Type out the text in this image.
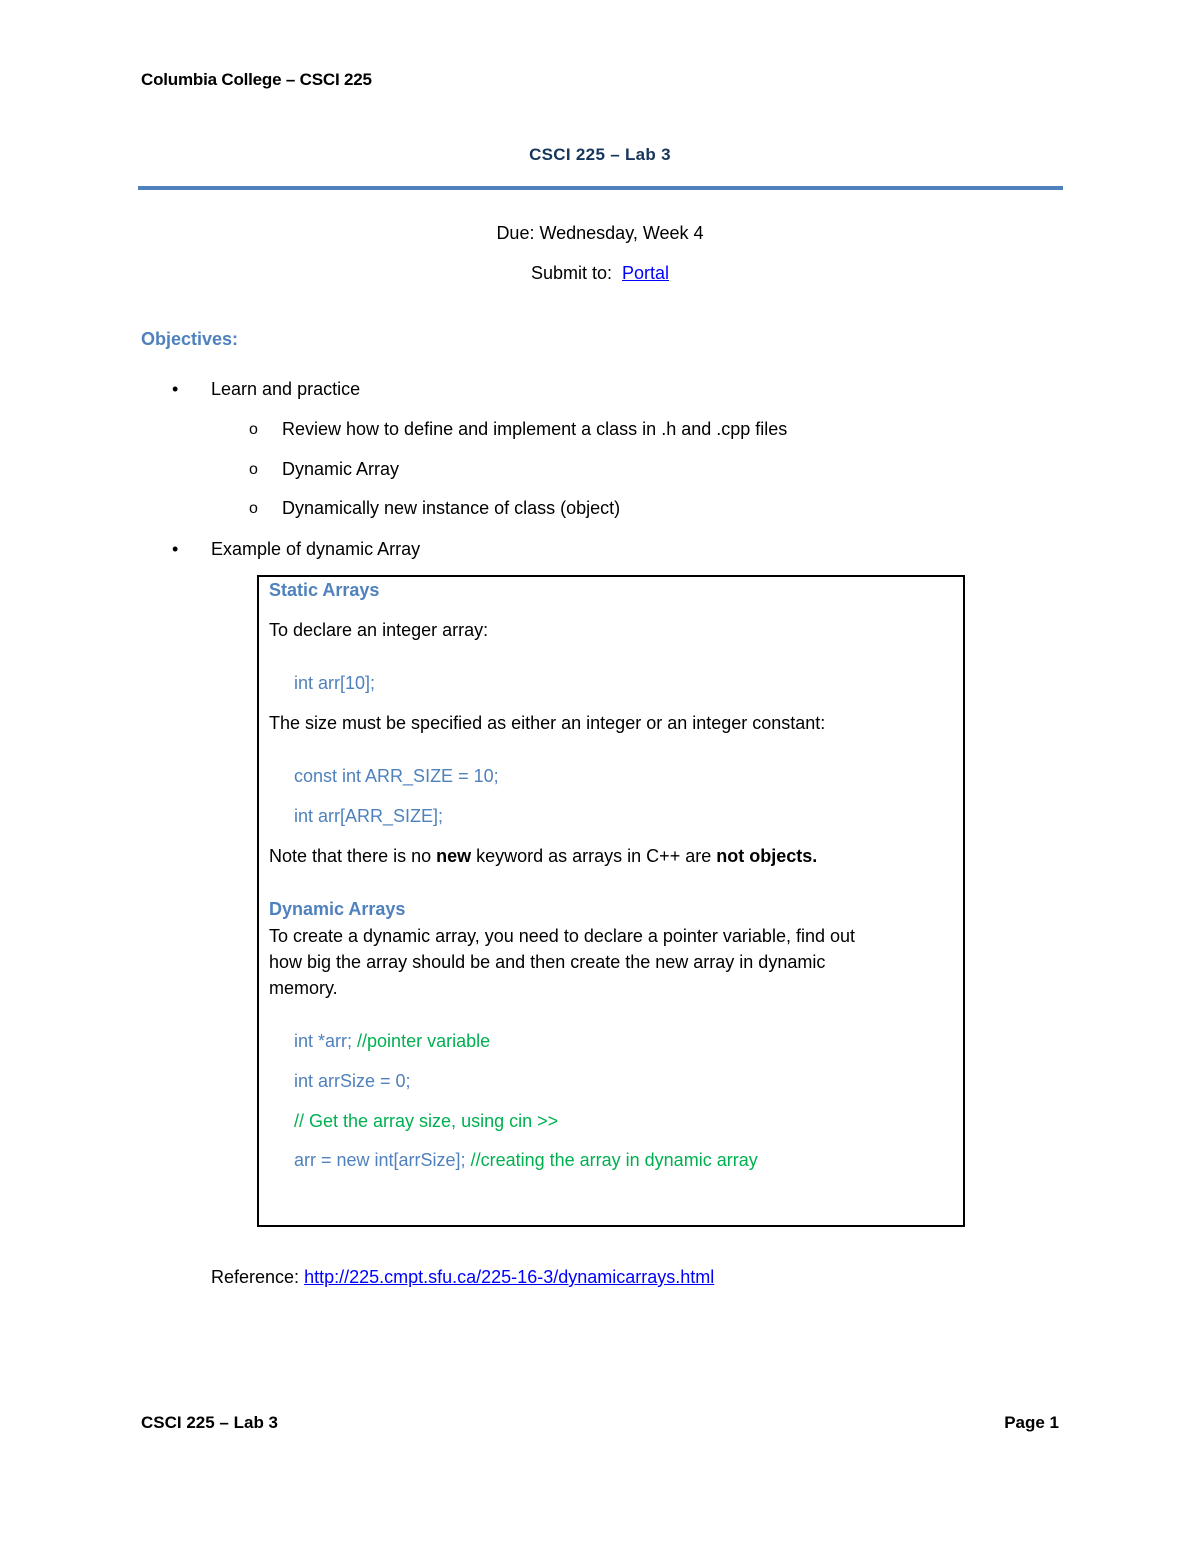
Columbia College – CSCI 225
CSCI 225 – Lab 3
Due: Wednesday, Week 4
Submit to: Portal
Objectives:
• Learn and practice
o Review how to define and implement a class in .h and .cpp files
o Dynamic Array
o Dynamically new instance of class (object)
• Example of dynamic Array
Static Arrays
To declare an integer array:
int arr[10];
The size must be specified as either an integer or an integer constant:
const int ARR_SIZE = 10;
int arr[ARR_SIZE];
Note that there is no new keyword as arrays in C++ are not objects.
Dynamic Arrays
To create a dynamic array, you need to declare a pointer variable, find out
how big the array should be and then create the new array in dynamic
memory.
int *arr; //pointer variable
int arrSize = 0;
// Get the array size, using cin >>
arr = new int[arrSize]; //creating the array in dynamic array
Reference: http://225.cmpt.sfu.ca/225-16-3/dynamicarrays.html
CSCI 225 – Lab 3	Page 1
